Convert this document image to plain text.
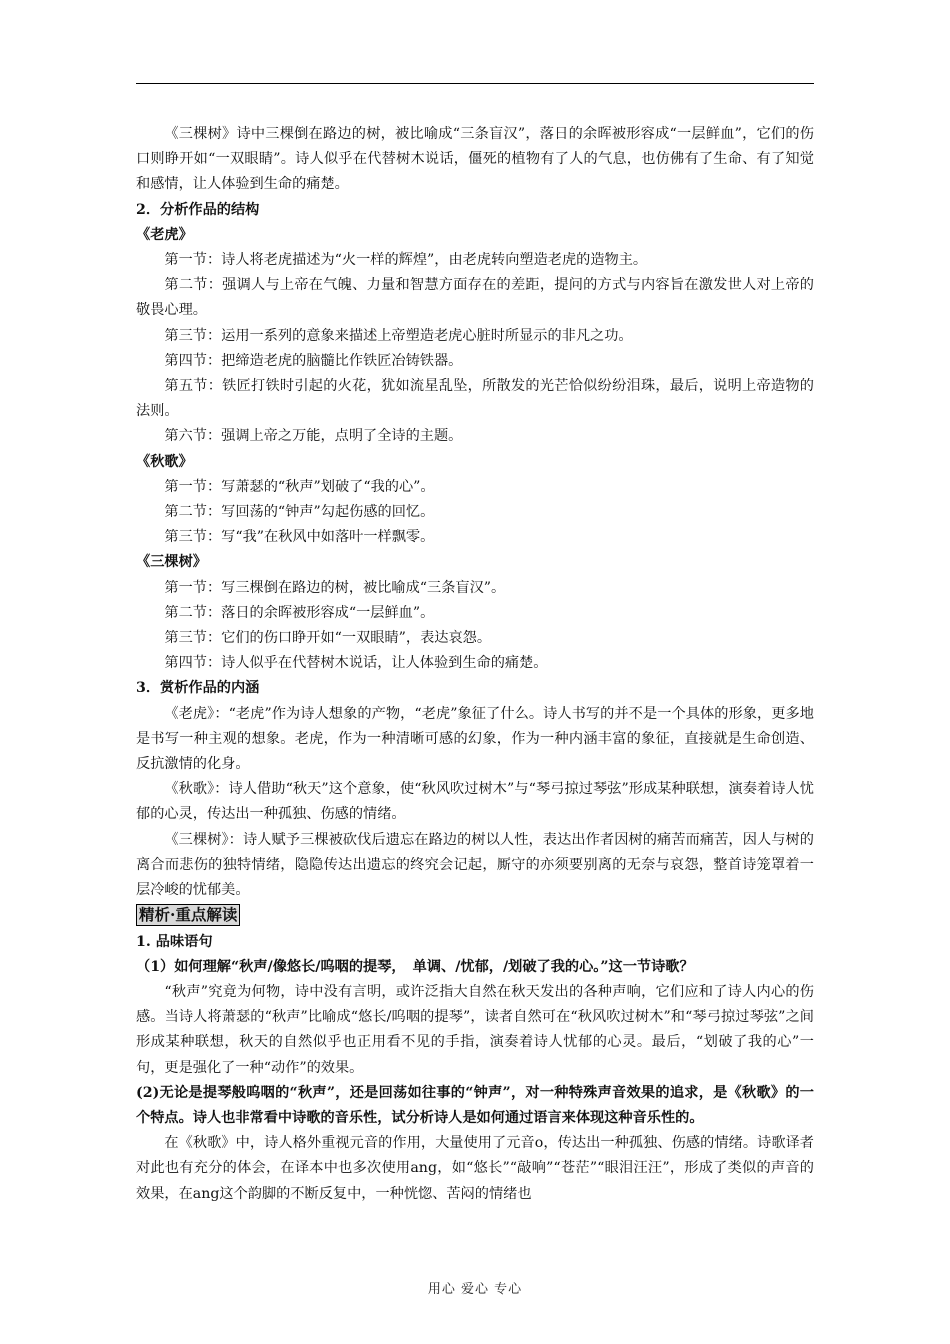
《三棵树》诗中三棵倒在路边的树，被比喻成“三条盲汉”，落日的余晖被形容成“一层鲜血”，它们的伤口则睁开如“一双眼睛”。诗人似乎在代替树木说话，僵死的植物有了人的气息，也仿佛有了生命、有了知觉和感情，让人体验到生命的痛楚。
2．分析作品的结构
《老虎》
第一节：诗人将老虎描述为“火一样的辉煌”，由老虎转向塑造老虎的造物主。
第二节：强调人与上帝在气魄、力量和智慧方面存在的差距，提问的方式与内容旨在激发世人对上帝的敬畏心理。
第三节：运用一系列的意象来描述上帝塑造老虎心脏时所显示的非凡之功。
第四节：把缔造老虎的脑髓比作铁匠冶铸铁器。
第五节：铁匠打铁时引起的火花，犹如流星乱坠，所散发的光芒恰似纷纷泪珠，最后，说明上帝造物的法则。
第六节：强调上帝之万能，点明了全诗的主题。
《秋歌》
第一节：写萧瑟的“秋声”划破了“我的心”。
第二节：写回荡的“钟声”勾起伤感的回忆。
第三节：写“我”在秋风中如落叶一样飘零。
《三棵树》
第一节：写三棵倒在路边的树，被比喻成“三条盲汉”。
第二节：落日的余晖被形容成“一层鲜血”。
第三节：它们的伤口睁开如“一双眼睛”，表达哀怨。
第四节：诗人似乎在代替树木说话，让人体验到生命的痛楚。
3．赏析作品的内涵
《老虎》：“老虎”作为诗人想象的产物，“老虎”象征了什么。诗人书写的并不是一个具体的形象，更多地是书写一种主观的想象。老虎，作为一种清晰可感的幻象，作为一种内涵丰富的象征，直接就是生命创造、反抗激情的化身。
《秋歌》：诗人借助“秋天”这个意象，使“秋风吹过树木”与“琴弓掠过琴弦”形成某种联想，演奏着诗人忧郁的心灵，传达出一种孤独、伤感的情绪。
《三棵树》：诗人赋予三棵被砍伐后遗忘在路边的树以人性，表达出作者因树的痛苦而痛苦，因人与树的离合而悲伤的独特情绪，隐隐传达出遗忘的终究会记起，厮守的亦须要别离的无奈与哀怨，整首诗笼罩着一层冷峻的忧郁美。
精析·重点解读
1. 品味语句
（1）如何理解“秋声/像悠长/呜咽的提琴，　单调、/忧郁，/划破了我的心。”这一节诗歌？
“秋声”究竟为何物，诗中没有言明，或许泛指大自然在秋天发出的各种声响，它们应和了诗人内心的伤感。当诗人将萧瑟的“秋声”比喻成“悠长/呜咽的提琴”，读者自然可在“秋风吹过树木”和“琴弓掠过琴弦”之间形成某种联想，秋天的自然似乎也正用看不见的手指，演奏着诗人忧郁的心灵。最后，“划破了我的心”一句，更是强化了一种“动作”的效果。
(2)无论是提琴般呜咽的“秋声”，还是回荡如往事的“钟声”，对一种特殊声音效果的追求，是《秋歌》的一个特点。诗人也非常看中诗歌的音乐性，试分析诗人是如何通过语言来体现这种音乐性的。
在《秋歌》中，诗人格外重视元音的作用，大量使用了元音o，传达出一种孤独、伤感的情绪。诗歌译者对此也有充分的体会，在译本中也多次使用ang，如“悠长”“敲响”“苍茫”“眼泪汪汪”，形成了类似的声音的效果，在ang这个韵脚的不断反复中，一种恍惚、苦闷的情绪也
用心 爱心 专心
